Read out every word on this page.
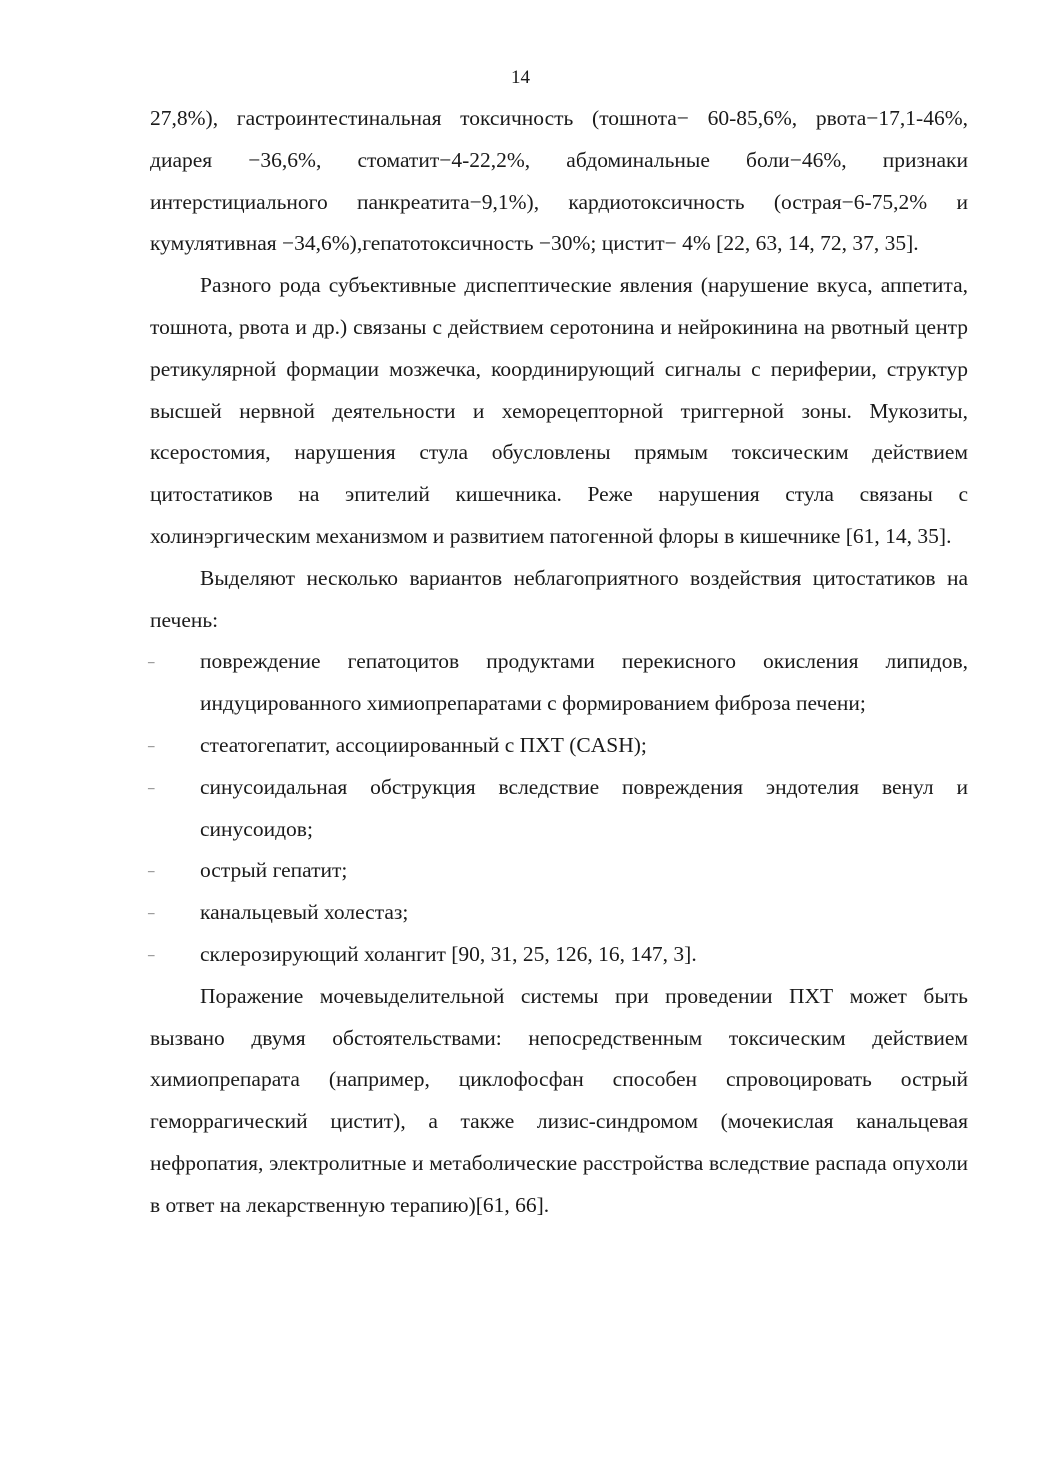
14

27,8%), гастроинтестинальная токсичность (тошнота− 60-85,6%, рвота−17,1-46%, диарея −36,6%, стоматит−4-22,2%, абдоминальные боли−46%, признаки интерстициального панкреатита−9,1%), кардиотоксичность (острая−6-75,2% и кумулятивная −34,6%),гепатотоксичность −30%; цистит− 4% [22, 63, 14, 72, 37, 35].

Разного рода субъективные диспептические явления (нарушение вкуса, аппетита, тошнота, рвота и др.) связаны с действием серотонина и нейрокинина на рвотный центр ретикулярной формации мозжечка, координирующий сигналы с периферии, структур высшей нервной деятельности и хеморецепторной триггерной зоны. Мукозиты, ксеростомия, нарушения стула обусловлены прямым токсическим действием цитостатиков на эпителий кишечника. Реже нарушения стула связаны с холинэргическим механизмом и развитием патогенной флоры в кишечнике [61, 14, 35].

Выделяют несколько вариантов неблагоприятного воздействия цитостатиков на печень:

– повреждение гепатоцитов продуктами перекисного окисления липидов, индуцированного химиопрепаратами с формированием фиброза печени;
– стеатогепатит, ассоциированный с ПХТ (CASH);
– синусоидальная обструкция вследствие повреждения эндотелия венул и синусоидов;
– острый гепатит;
– канальцевый холестаз;
– склерозирующий холангит [90, 31, 25, 126, 16, 147, 3].

Поражение мочевыделительной системы при проведении ПХТ может быть вызвано двумя обстоятельствами: непосредственным токсическим действием химиопрепарата (например, циклофосфан способен спровоцировать острый геморрагический цистит), а также лизис-синдромом (мочекислая канальцевая нефропатия, электролитные и метаболические расстройства вследствие распада опухоли в ответ на лекарственную терапию)[61, 66].
